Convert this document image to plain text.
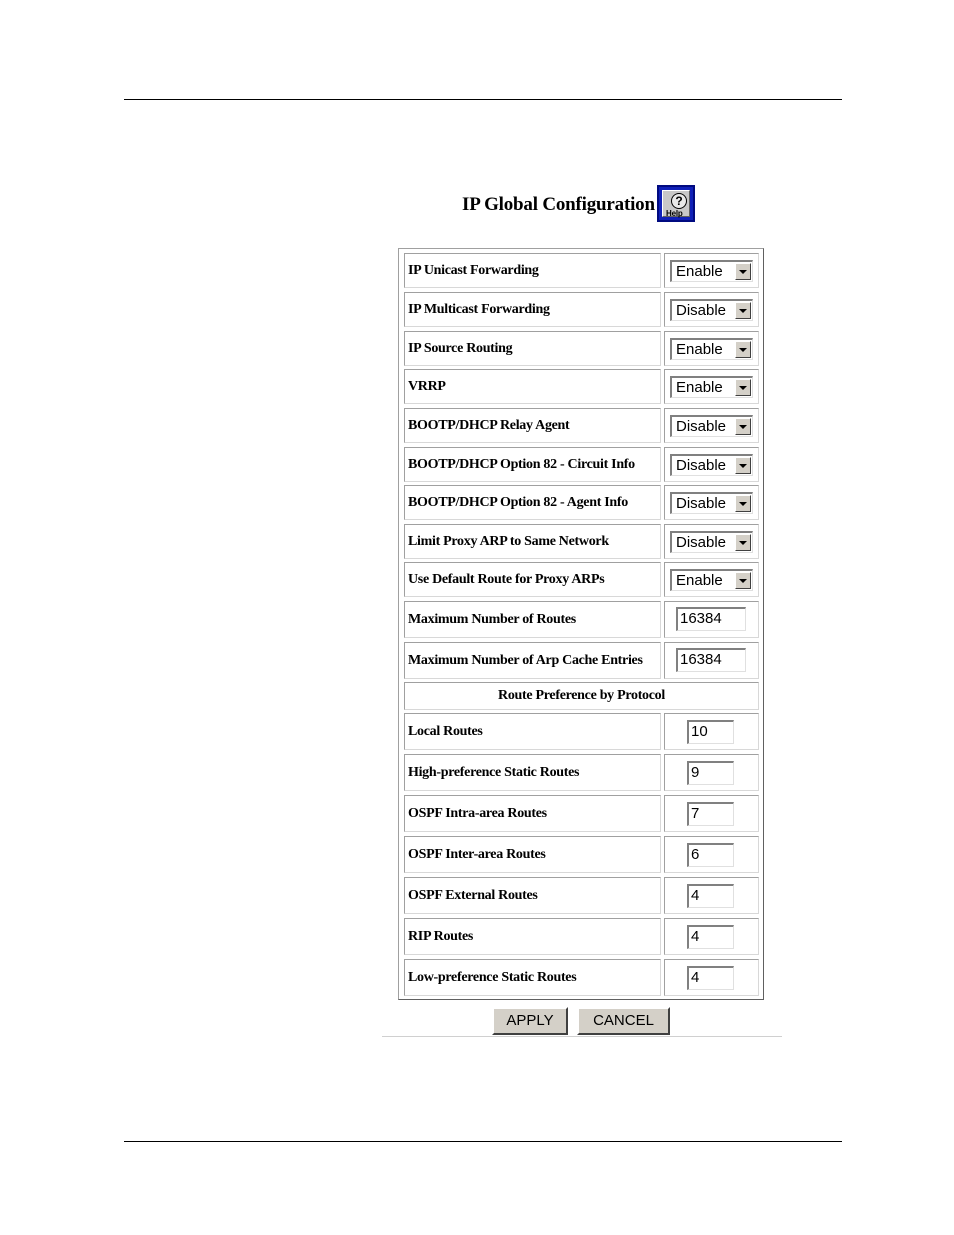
IP Global Configuration	?
Help
IP Unicast Forwarding	Enable
IP Multicast Forwarding	Disable
IP Source Routing	Enable
VRRP	Enable
BOOTP/DHCP Relay Agent	Disable
BOOTP/DHCP Option 82 - Circuit Info	Disable
BOOTP/DHCP Option 82 - Agent Info	Disable
Limit Proxy ARP to Same Network	Disable
Use Default Route for Proxy ARPs	Enable
Maximum Number of Routes	16384
Maximum Number of Arp Cache Entries	16384
Route Preference by Protocol
Local Routes	10
High-preference Static Routes	9
OSPF Intra-area Routes	7
OSPF Inter-area Routes	6
OSPF External Routes	4
RIP Routes	4
Low-preference Static Routes	4
APPLY	CANCEL
